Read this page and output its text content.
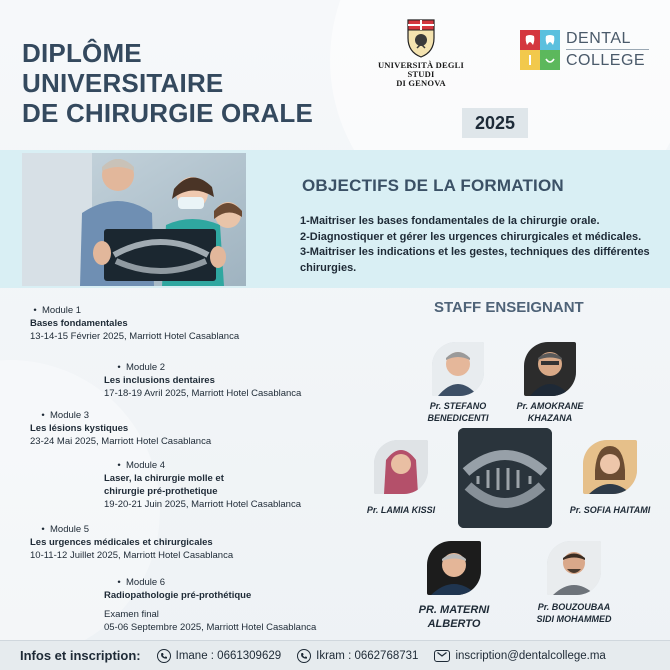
DIPLÔME
UNIVERSITAIRE
DE CHIRURGIE ORALE
UNIVERSITÀ DEGLI STUDI
DI GENOVA
DENTAL
COLLEGE
2025
OBJECTIFS DE LA FORMATION
1-Maitriser les bases fondamentales de la chirurgie orale.
2-Diagnostiquer et gérer les urgences chirurgicales et médicales.
3-Maitriser les indications et les gestes, techniques des différentes chirurgies.
• Module 1
Bases fondamentales
13-14-15 Février 2025, Marriott Hotel Casablanca
• Module 2
Les inclusions dentaires
17-18-19 Avril 2025, Marriott Hotel Casablanca
• Module 3
Les lésions kystiques
23-24 Mai 2025, Marriott Hotel Casablanca
• Module 4
Laser, la chirurgie molle et
chirurgie pré-prothetique
19-20-21 Juin 2025, Marriott Hotel Casablanca
• Module 5
Les urgences médicales et chirurgicales
10-11-12 Juillet 2025, Marriott Hotel Casablanca
• Module 6
Radiopathologie pré-prothétique
Examen final
05-06 Septembre 2025, Marriott Hotel Casablanca
STAFF ENSEIGNANT
Pr. STEFANO
BENEDICENTI
Pr. AMOKRANE
KHAZANA
Pr. LAMIA KISSI	Pr. SOFIA HAITAMI
PR. MATERNI
ALBERTO
Pr. BOUZOUBAA
SIDI MOHAMMED
Infos et inscription:	Imane : 0661309629	Ikram : 0662768731	inscription@dentalcollege.ma
